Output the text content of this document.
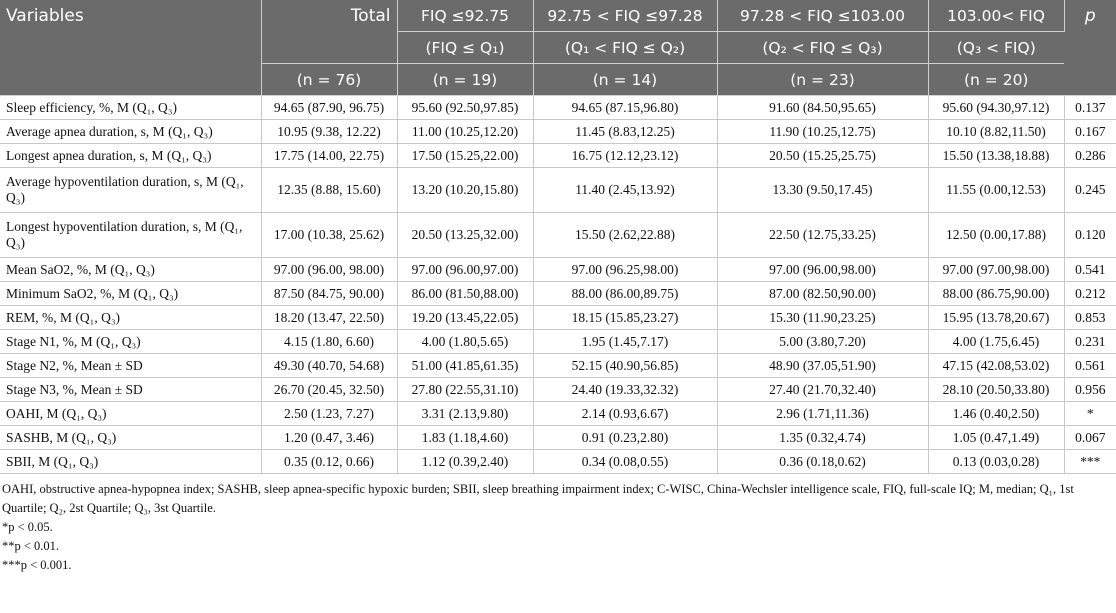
Variables	Total	FIQ ≤92.75	92.75 < FIQ ≤97.28	97.28 < FIQ ≤103.00	103.00< FIQ	p
		(FIQ ≤ Q₁)	(Q₁ < FIQ ≤ Q₂)	(Q₂ < FIQ ≤ Q₃)	(Q₃ < FIQ)	
	(n = 76)	(n = 19)	(n = 14)	(n = 23)	(n = 20)	
Sleep efficiency, %, M (Q₁, Q₃)	94.65 (87.90, 96.75)	95.60 (92.50,97.85)	94.65 (87.15,96.80)	91.60 (84.50,95.65)	95.60 (94.30,97.12)	0.137
Average apnea duration, s, M (Q₁, Q₃)	10.95 (9.38, 12.22)	11.00 (10.25,12.20)	11.45 (8.83,12.25)	11.90 (10.25,12.75)	10.10 (8.82,11.50)	0.167
Longest apnea duration, s, M (Q₁, Q₃)	17.75 (14.00, 22.75)	17.50 (15.25,22.00)	16.75 (12.12,23.12)	20.50 (15.25,25.75)	15.50 (13.38,18.88)	0.286
Average hypoventilation duration, s, M (Q₁, Q₃)	12.35 (8.88, 15.60)	13.20 (10.20,15.80)	11.40 (2.45,13.92)	13.30 (9.50,17.45)	11.55 (0.00,12.53)	0.245
Longest hypoventilation duration, s, M (Q₁, Q₃)	17.00 (10.38, 25.62)	20.50 (13.25,32.00)	15.50 (2.62,22.88)	22.50 (12.75,33.25)	12.50 (0.00,17.88)	0.120
Mean SaO2, %, M (Q₁, Q₃)	97.00 (96.00, 98.00)	97.00 (96.00,97.00)	97.00 (96.25,98.00)	97.00 (96.00,98.00)	97.00 (97.00,98.00)	0.541
Minimum SaO2, %, M (Q₁, Q₃)	87.50 (84.75, 90.00)	86.00 (81.50,88.00)	88.00 (86.00,89.75)	87.00 (82.50,90.00)	88.00 (86.75,90.00)	0.212
REM, %, M (Q₁, Q₃)	18.20 (13.47, 22.50)	19.20 (13.45,22.05)	18.15 (15.85,23.27)	15.30 (11.90,23.25)	15.95 (13.78,20.67)	0.853
Stage N1, %, M (Q₁, Q₃)	4.15 (1.80, 6.60)	4.00 (1.80,5.65)	1.95 (1.45,7.17)	5.00 (3.80,7.20)	4.00 (1.75,6.45)	0.231
Stage N2, %, Mean ± SD	49.30 (40.70, 54.68)	51.00 (41.85,61.35)	52.15 (40.90,56.85)	48.90 (37.05,51.90)	47.15 (42.08,53.02)	0.561
Stage N3, %, Mean ± SD	26.70 (20.45, 32.50)	27.80 (22.55,31.10)	24.40 (19.33,32.32)	27.40 (21.70,32.40)	28.10 (20.50,33.80)	0.956
OAHI, M (Q₁, Q₃)	2.50 (1.23, 7.27)	3.31 (2.13,9.80)	2.14 (0.93,6.67)	2.96 (1.71,11.36)	1.46 (0.40,2.50)	*
SASHB, M (Q₁, Q₃)	1.20 (0.47, 3.46)	1.83 (1.18,4.60)	0.91 (0.23,2.80)	1.35 (0.32,4.74)	1.05 (0.47,1.49)	0.067
SBII, M (Q₁, Q₃)	0.35 (0.12, 0.66)	1.12 (0.39,2.40)	0.34 (0.08,0.55)	0.36 (0.18,0.62)	0.13 (0.03,0.28)	***
OAHI, obstructive apnea-hypopnea index; SASHB, sleep apnea-specific hypoxic burden; SBII, sleep breathing impairment index; C-WISC, China-Wechsler intelligence scale, FIQ, full-scale IQ; M, median; Q₁, 1st Quartile; Q₂, 2st Quartile; Q₃, 3st Quartile.
*p < 0.05.
**p < 0.01.
***p < 0.001.
